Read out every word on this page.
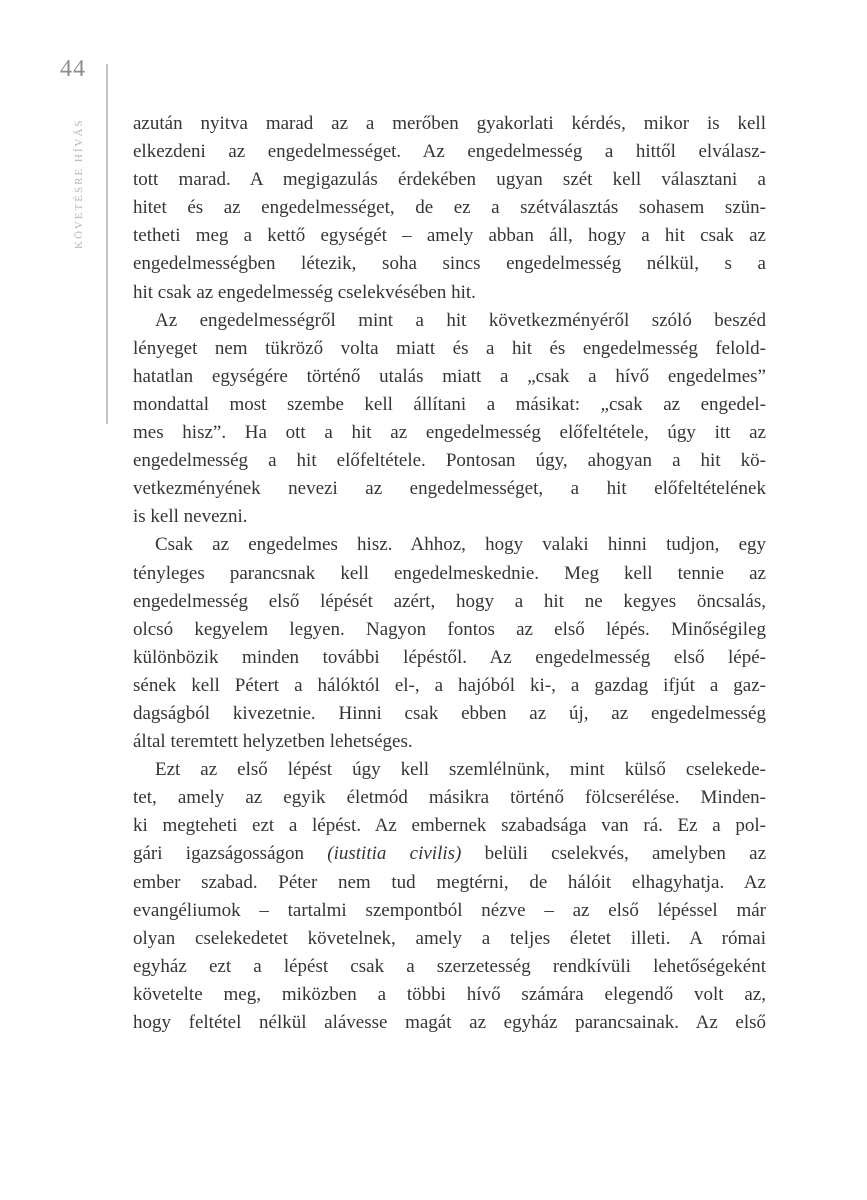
44
KÖVETÉSRE HÍVÁS	azután nyitva marad az a merőben gyakorlati kérdés, mikor is kell
elkezdeni az engedelmességet. Az engedelmesség a hittől elválasz-
tott marad. A megigazulás érdekében ugyan szét kell választani a
hitet és az engedelmességet, de ez a szétválasztás sohasem szün-
tetheti meg a kettő egységét – amely abban áll, hogy a hit csak az
engedelmességben létezik, soha sincs engedelmesség nélkül, s a
hit csak az engedelmesség cselekvésében hit.
Az engedelmességről mint a hit következményéről szóló beszéd
lényeget nem tükröző volta miatt és a hit és engedelmesség felold-
hatatlan egységére történő utalás miatt a „csak a hívő engedelmes”
mondattal most szembe kell állítani a másikat: „csak az engedel-
mes hisz”. Ha ott a hit az engedelmesség előfeltétele, úgy itt az
engedelmesség a hit előfeltétele. Pontosan úgy, ahogyan a hit kö-
vetkezményének nevezi az engedelmességet, a hit előfeltételének
is kell nevezni.
Csak az engedelmes hisz. Ahhoz, hogy valaki hinni tudjon, egy
tényleges parancsnak kell engedelmeskednie. Meg kell tennie az
engedelmesség első lépését azért, hogy a hit ne kegyes öncsalás,
olcsó kegyelem legyen. Nagyon fontos az első lépés. Minőségileg
különbözik minden további lépéstől. Az engedelmesség első lépé-
sének kell Pétert a hálóktól el-, a hajóból ki-, a gazdag ifjút a gaz-
dagságból kivezetnie. Hinni csak ebben az új, az engedelmesség
által teremtett helyzetben lehetséges.
Ezt az első lépést úgy kell szemlélnünk, mint külső cselekede-
tet, amely az egyik életmód másikra történő fölcserélése. Minden-
ki megteheti ezt a lépést. Az embernek szabadsága van rá. Ez a pol-
gári igazságosságon (iustitia civilis) belüli cselekvés, amelyben az
ember szabad. Péter nem tud megtérni, de hálóit elhagyhatja. Az
evangéliumok – tartalmi szempontból nézve – az első lépéssel már
olyan cselekedetet követelnek, amely a teljes életet illeti. A római
egyház ezt a lépést csak a szerzetesség rendkívüli lehetőségeként
követelte meg, miközben a többi hívő számára elegendő volt az,
hogy feltétel nélkül alávesse magát az egyház parancsainak. Az első
